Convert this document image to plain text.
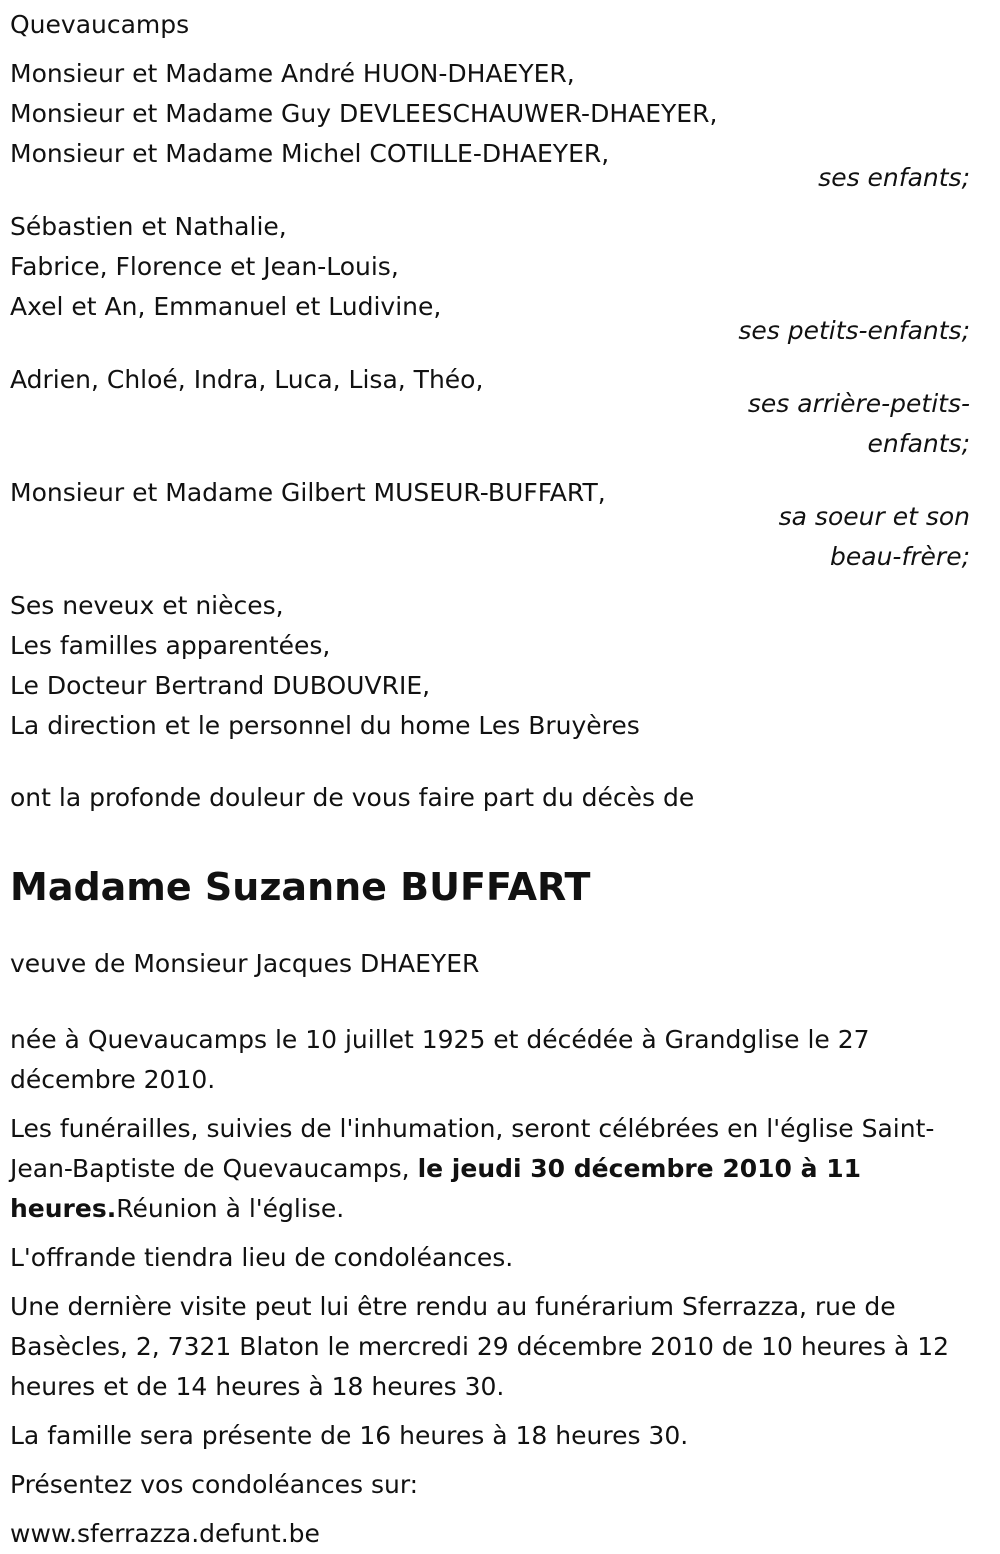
Quevaucamps

Monsieur et Madame André HUON-DHAEYER,

Monsieur et Madame Guy DEVLEESCHAUWER-DHAEYER,

Monsieur et Madame Michel COTILLE-DHAEYER,

ses enfants;

Sébastien et Nathalie,

Fabrice, Florence et Jean-Louis,

Axel et An, Emmanuel et Ludivine,

ses petits-enfants;

Adrien, Chloé, Indra, Luca, Lisa, Théo,

ses arrière-petits-

enfants;

Monsieur et Madame Gilbert MUSEUR-BUFFART,

sa soeur et son

beau-frère;

Ses neveux et nièces,

Les familles apparentées,

Le Docteur Bertrand DUBOUVRIE,

La direction et le personnel du home Les Bruyères

ont la profonde douleur de vous faire part du décès de

Madame Suzanne BUFFART

veuve de Monsieur Jacques DHAEYER

née à Quevaucamps le 10 juillet 1925 et décédée à Grandglise le 27 décembre 2010.

Les funérailles, suivies de l'inhumation, seront célébrées en l'église Saint-Jean-Baptiste de Quevaucamps, le jeudi 30 décembre 2010 à 11 heures.Réunion à l'église.

L'offrande tiendra lieu de condoléances.

Une dernière visite peut lui être rendu au funérarium Sferrazza, rue de Basècles, 2, 7321 Blaton le mercredi 29 décembre 2010 de 10 heures à 12 heures et de 14 heures à 18 heures 30.

La famille sera présente de 16 heures à 18 heures 30.

Présentez vos condoléances sur:

www.sferrazza.defunt.be
